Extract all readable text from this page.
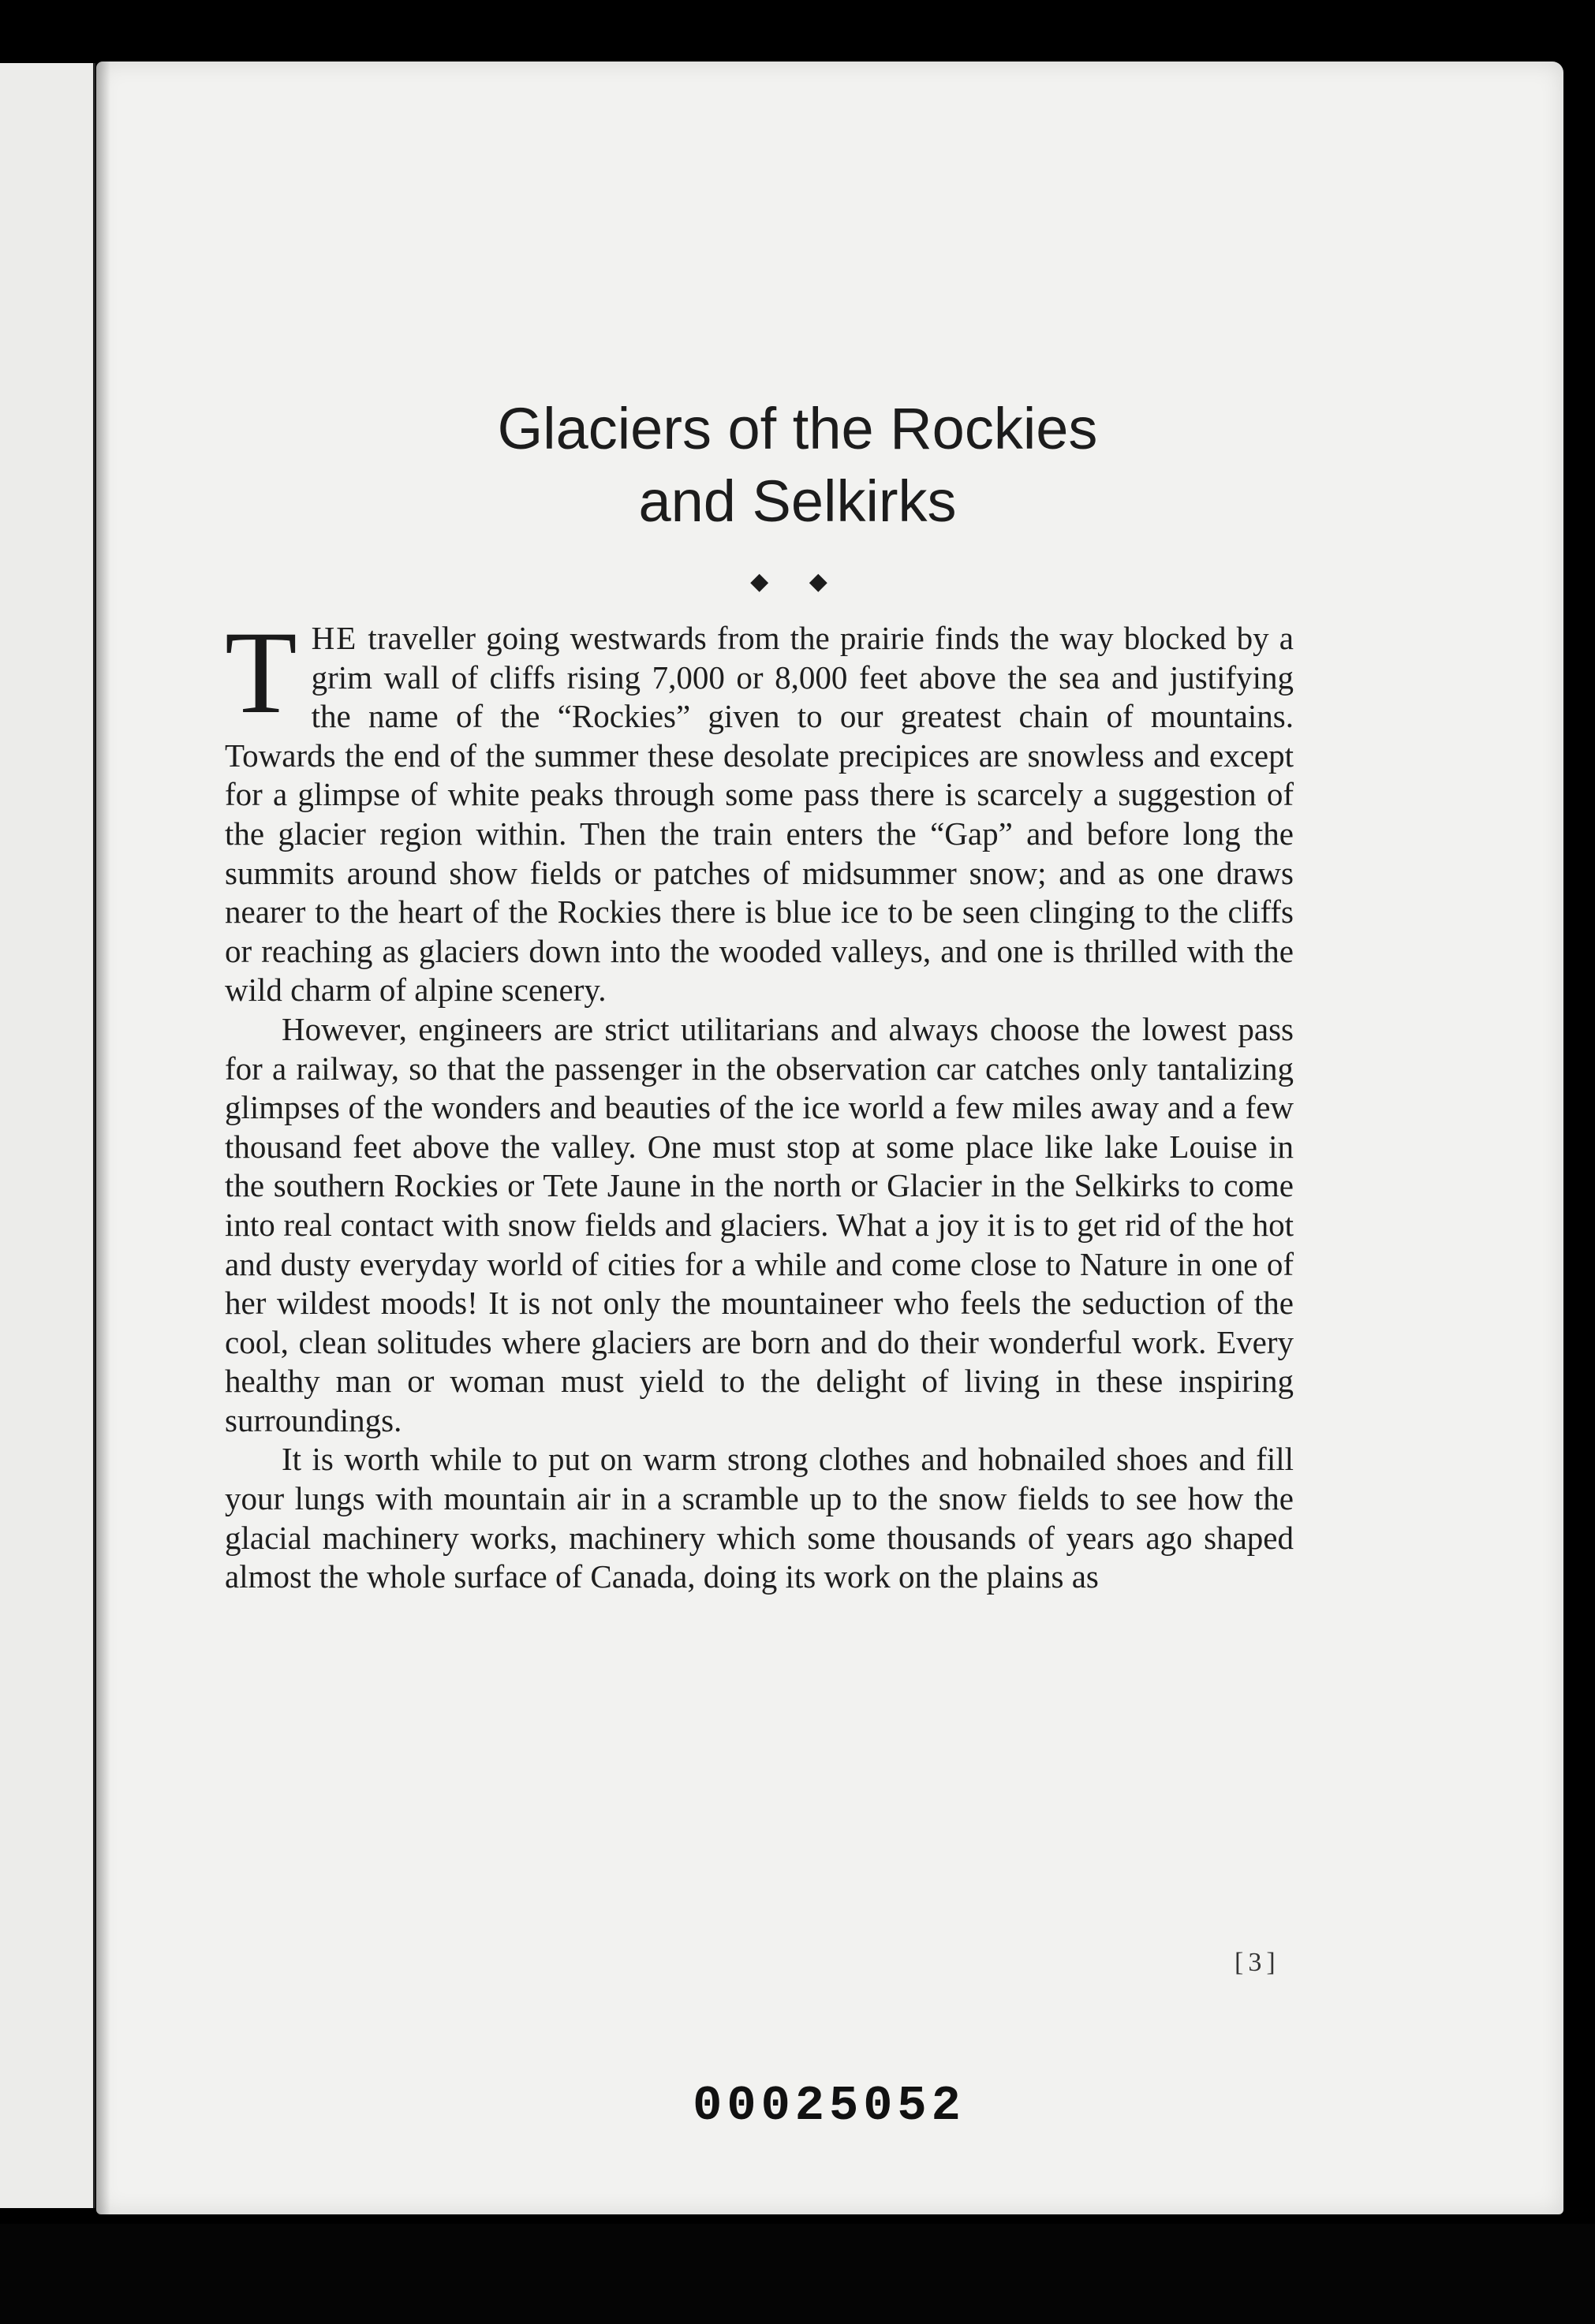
Glaciers of the Rockies
and Selkirks
◆ ◆

THE traveller going westwards from the prairie finds the way blocked by a grim wall of cliffs rising 7,000 or 8,000 feet above the sea and justifying the name of the “Rockies” given to our greatest chain of mountains. Towards the end of the summer these desolate precipices are snowless and except for a glimpse of white peaks through some pass there is scarcely a suggestion of the glacier region within. Then the train enters the “Gap” and before long the summits around show fields or patches of midsummer snow; and as one draws nearer to the heart of the Rockies there is blue ice to be seen clinging to the cliffs or reaching as glaciers down into the wooded valleys, and one is thrilled with the wild charm of alpine scenery.

However, engineers are strict utilitarians and always choose the lowest pass for a railway, so that the passenger in the observation car catches only tantalizing glimpses of the wonders and beauties of the ice world a few miles away and a few thousand feet above the valley. One must stop at some place like lake Louise in the southern Rockies or Tete Jaune in the north or Glacier in the Selkirks to come into real contact with snow fields and glaciers. What a joy it is to get rid of the hot and dusty everyday world of cities for a while and come close to Nature in one of her wildest moods! It is not only the mountaineer who feels the seduction of the cool, clean solitudes where glaciers are born and do their wonderful work. Every healthy man or woman must yield to the delight of living in these inspiring surroundings.

It is worth while to put on warm strong clothes and hobnailed shoes and fill your lungs with mountain air in a scramble up to the snow fields to see how the glacial machinery works, machinery which some thousands of years ago shaped almost the whole surface of Canada, doing its work on the plains as

[3]
00025052
